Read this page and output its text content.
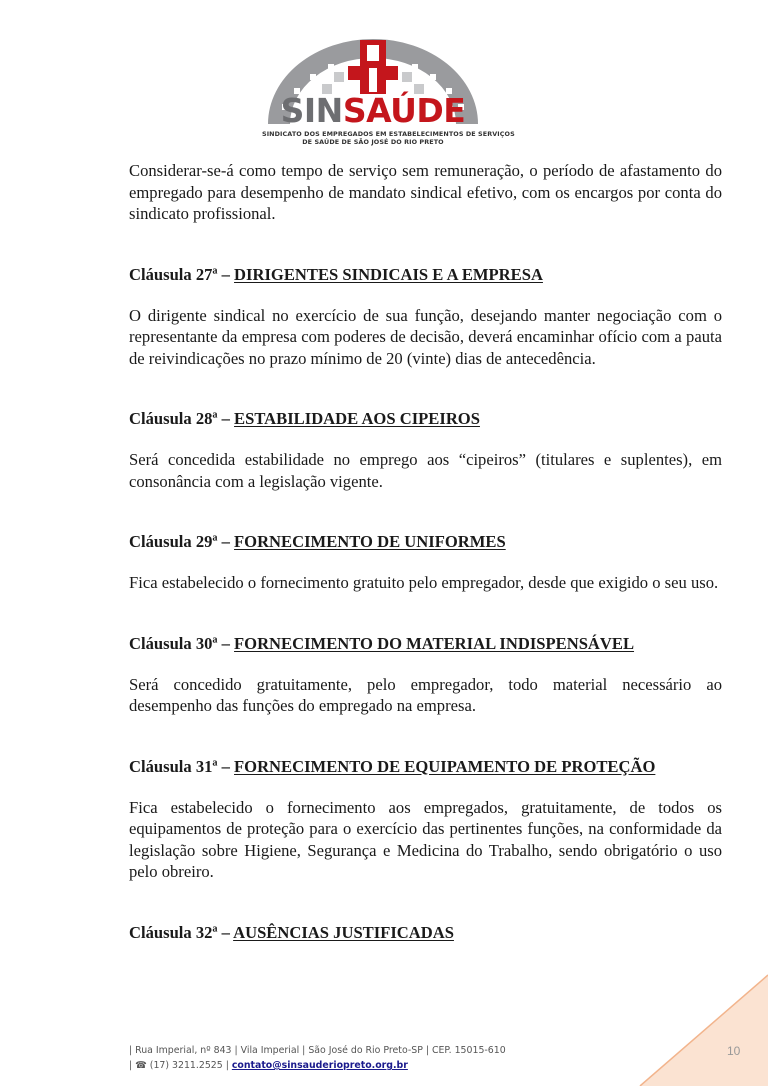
SINSAÚDE
SINDICATO DOS EMPREGADOS EM ESTABELECIMENTOS DE SERVIÇOS
DE SAÚDE DE SÃO JOSÉ DO RIO PRETO

Considerar-se-á como tempo de serviço sem remuneração, o período de afastamento do empregado para desempenho de mandato sindical efetivo, com os encargos por conta do sindicato profissional.

Cláusula 27ª – DIRIGENTES SINDICAIS E A EMPRESA

O dirigente sindical no exercício de sua função, desejando manter negociação com o representante da empresa com poderes de decisão, deverá encaminhar ofício com a pauta de reivindicações no prazo mínimo de 20 (vinte) dias de antecedência.

Cláusula 28ª – ESTABILIDADE AOS CIPEIROS

Será concedida estabilidade no emprego aos “cipeiros” (titulares e suplentes), em consonância com a legislação vigente.

Cláusula 29ª – FORNECIMENTO DE UNIFORMES

Fica estabelecido o fornecimento gratuito pelo empregador, desde que exigido o seu uso.

Cláusula 30ª – FORNECIMENTO DO MATERIAL INDISPENSÁVEL

Será concedido gratuitamente, pelo empregador, todo material necessário ao desempenho das funções do empregado na empresa.

Cláusula 31ª – FORNECIMENTO DE EQUIPAMENTO DE PROTEÇÃO

Fica estabelecido o fornecimento aos empregados, gratuitamente, de todos os equipamentos de proteção para o exercício das pertinentes funções, na conformidade da legislação sobre Higiene, Segurança e Medicina do Trabalho, sendo obrigatório o uso pelo obreiro.

Cláusula 32ª – AUSÊNCIAS JUSTIFICADAS

| Rua Imperial, nº 843 | Vila Imperial | São José do Rio Preto-SP | CEP. 15015-610
| ☎ (17) 3211.2525 | contato@sinsauderiopreto.org.br
10
